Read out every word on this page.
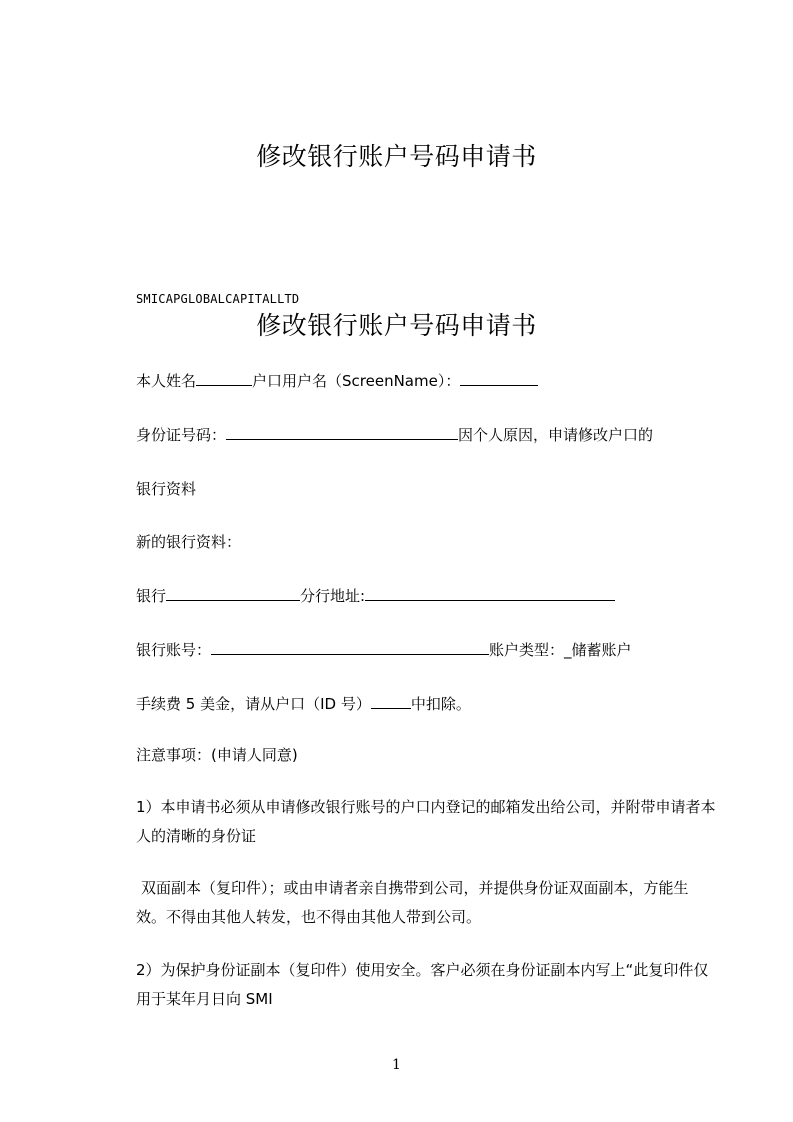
修改银行账户号码申请书
SMICAPGLOBALCAPITALLTD
修改银行账户号码申请书
本人姓名	户口用户名（ScreenName）：
身份证号码：	因个人原因，申请修改户口的
银行资料
新的银行资料：
银行	分行地址:
银行账号：	账户类型：_储蓄账户
手续费 5 美金，请从户口（ID 号）	中扣除。
注意事项：(申请人同意)
1）本申请书必须从申请修改银行账号的户口内登记的邮箱发出给公司，并附带申请者本人的清晰的身份证
双面副本（复印件）；或由申请者亲自携带到公司，并提供身份证双面副本，方能生效。不得由其他人转发，也不得由其他人带到公司。
2）为保护身份证副本（复印件）使用安全。客户必须在身份证副本内写上“此复印件仅用于某年月日向 SMI
1
